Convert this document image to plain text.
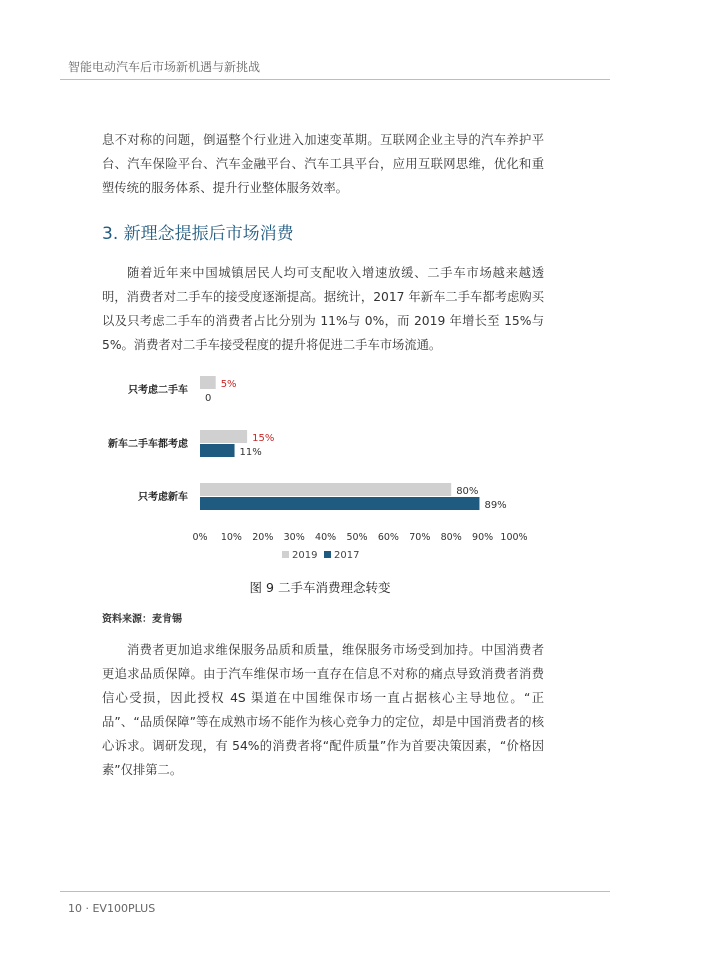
智能电动汽车后市场新机遇与新挑战

息不对称的问题，倒逼整个行业进入加速变革期。互联网企业主导的汽车养护平台、汽车保险平台、汽车金融平台、汽车工具平台，应用互联网思维，优化和重塑传统的服务体系、提升行业整体服务效率。

3. 新理念提振后市场消费

随着近年来中国城镇居民人均可支配收入增速放缓、二手车市场越来越透明，消费者对二手车的接受度逐渐提高。据统计，2017 年新车二手车都考虑购买以及只考虑二手车的消费者占比分别为 11%与 0%，而 2019 年增长至 15%与 5%。消费者对二手车接受程度的提升将促进二手车市场流通。

只考虑二手车
5%
0
新车二手车都考虑
15%
11%
只考虑新车
80%
89%
0% 10% 20% 30% 40% 50% 60% 70% 80% 90% 100%
2019 2017
图 9 二手车消费理念转变
资料来源：麦肯锡

消费者更加追求维保服务品质和质量，维保服务市场受到加持。中国消费者更追求品质保障。由于汽车维保市场一直存在信息不对称的痛点导致消费者消费信心受损，因此授权 4S 渠道在中国维保市场一直占据核心主导地位。“正品”、“品质保障”等在成熟市场不能作为核心竞争力的定位，却是中国消费者的核心诉求。调研发现，有 54%的消费者将“配件质量”作为首要决策因素，“价格因素”仅排第二。

10 · EV100PLUS
